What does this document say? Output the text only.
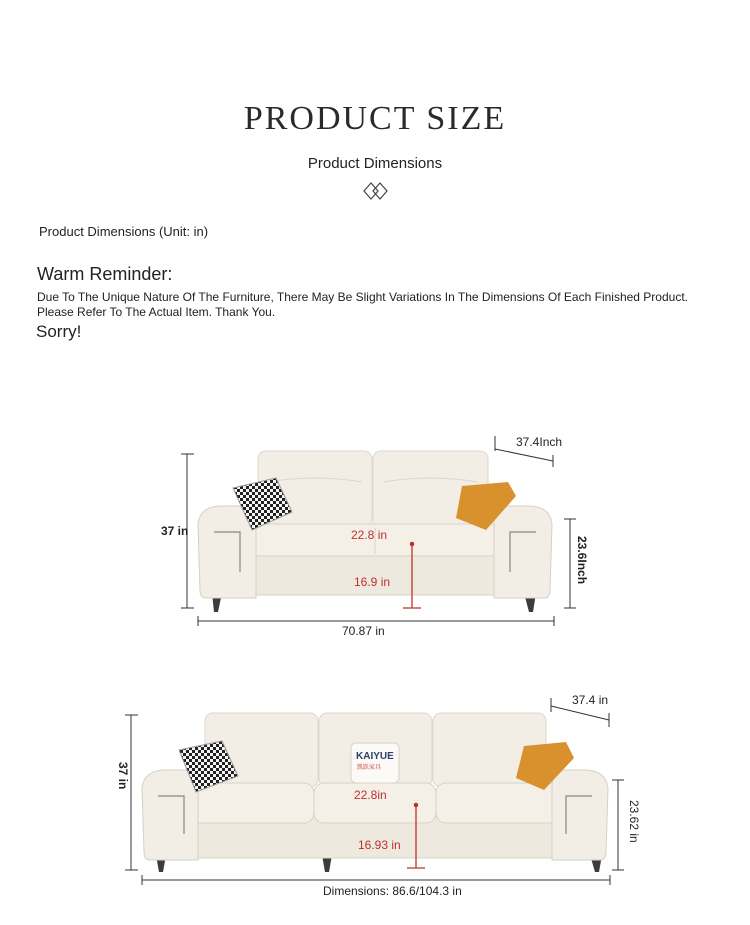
PRODUCT SIZE
Product Dimensions
Product Dimensions (Unit: in)
Warm Reminder:
Due To The Unique Nature Of The Furniture, There May Be Slight Variations In The Dimensions Of Each Finished Product. Please Refer To The Actual Item. Thank You.
Sorry!
37 in
37.4Inch
22.8 in
16.9 in
70.87 in
23.6Inch
KAIYUE
凯跃家具
37 in
37.4 in
22.8in
16.93 in
Dimensions: 86.6/104.3 in
23.62 in
